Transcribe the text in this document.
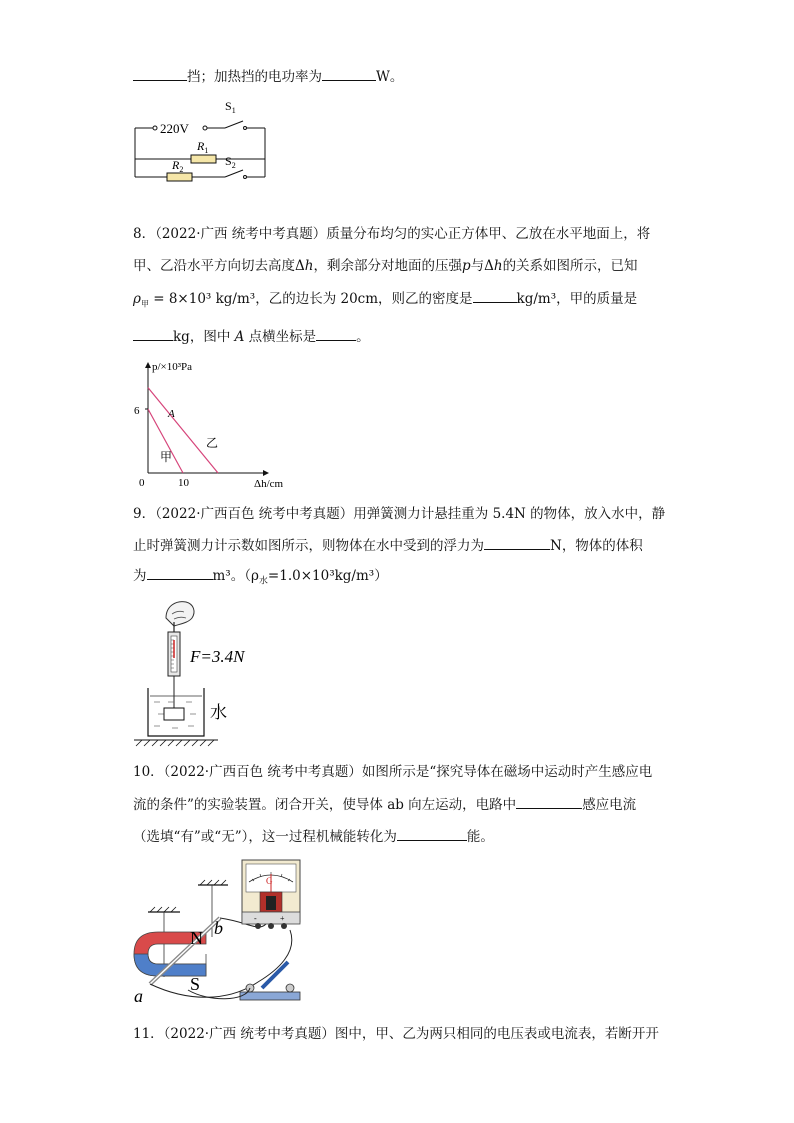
挡；加热挡的电功率为	W。
220V
$S_1$
$R_1$
$R_2$
$S_2$
8．（2022·广西 统考中考真题）质量分布均匀的实心正方体甲、乙放在水平地面上，将
甲、乙沿水平方向切去高度Δh，剩余部分对地面的压强p与Δh的关系如图所示，已知
$\rho_甲 = 8\times 10^3$ kg/m³，乙的边长为 20cm，则乙的密度是	kg/m³，甲的质量是
kg，图中 A 点横坐标是	。
p/×10³Pa
Δh/cm
6
10
0
A
甲
乙
9．（2022·广西百色 统考中考真题）用弹簧测力计悬挂重为 5.4N 的物体，放入水中，静
止时弹簧测力计示数如图所示，则物体在水中受到的浮力为	N，物体的体积
为	m³。$(\rho_水=1.0\times 10^3kg/m^3)$
F=3.4N
水
10．（2022·广西百色 统考中考真题）如图所示是“探究导体在磁场中运动时产生感应电
流的条件”的实验装置。闭合开关，使导体 ab 向左运动，电路中	感应电流
（选填“有”或“无”），这一过程机械能转化为	能。
G
-	+
N
S
b
a
11．（2022·广西 统考中考真题）图中，甲、乙为两只相同的电压表或电流表，若断开开
